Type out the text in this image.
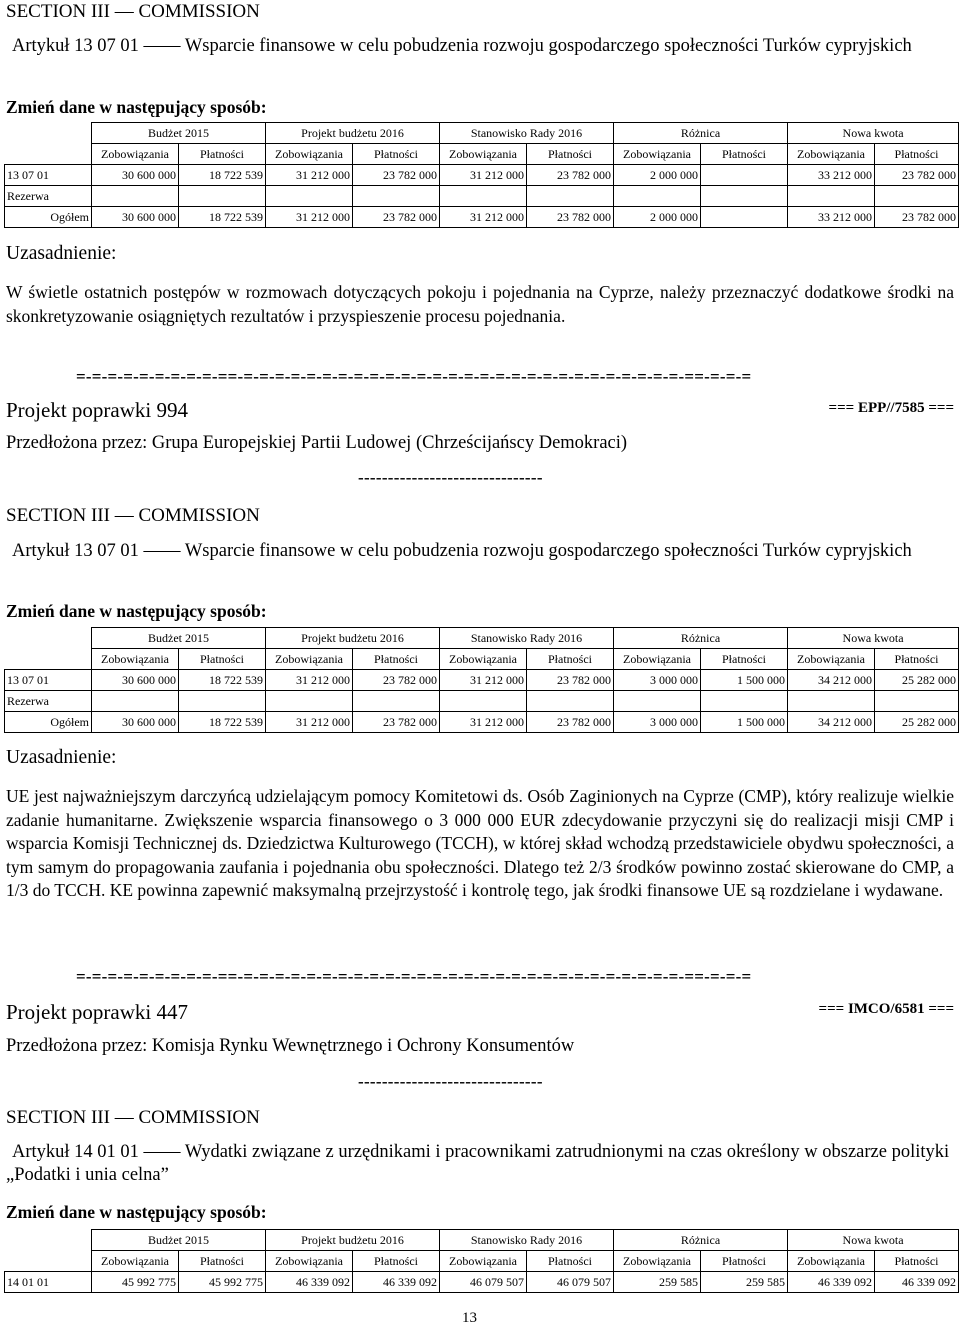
SECTION III — COMMISSION
Artykuł 13 07 01 —— Wsparcie finansowe w celu pobudzenia rozwoju gospodarczego społeczności Turków cypryjskich
Zmień dane w następujący sposób:
	Budżet 2015		Projekt budżetu 2016		Stanowisko Rady 2016		Różnica		Nowa kwota	
	Zobowiązania	Płatności	Zobowiązania	Płatności	Zobowiązania	Płatności	Zobowiązania	Płatności	Zobowiązania	Płatności
13 07 01	30 600 000	18 722 539	31 212 000	23 782 000	31 212 000	23 782 000	2 000 000		33 212 000	23 782 000
Rezerwa										
Ogółem	30 600 000	18 722 539	31 212 000	23 782 000	31 212 000	23 782 000	2 000 000		33 212 000	23 782 000
Uzasadnienie:
W świetle ostatnich postępów w rozmowach dotyczących pokoju i pojednania na Cyprze, należy przeznaczyć dodatkowe środki na skonkretyzowanie osiągniętych rezultatów i przyspieszenie procesu pojednania.
=-=-=-=-=-=-=-=-=-==-=-=-=-=-=-=-=-=-=-=-=-=-=-=-=-=-=-=-=-=-=-=-=-=-=-=-=-=-==-=-=-=
Projekt poprawki 994	=== EPP//7585 ===
Przedłożona przez: Grupa Europejskiej Partii Ludowej (Chrześcijańscy Demokraci)
-------------------------------
SECTION III — COMMISSION
Artykuł 13 07 01 —— Wsparcie finansowe w celu pobudzenia rozwoju gospodarczego społeczności Turków cypryjskich
Zmień dane w następujący sposób:
	Budżet 2015		Projekt budżetu 2016		Stanowisko Rady 2016		Różnica		Nowa kwota	
	Zobowiązania	Płatności	Zobowiązania	Płatności	Zobowiązania	Płatności	Zobowiązania	Płatności	Zobowiązania	Płatności
13 07 01	30 600 000	18 722 539	31 212 000	23 782 000	31 212 000	23 782 000	3 000 000	1 500 000	34 212 000	25 282 000
Rezerwa										
Ogółem	30 600 000	18 722 539	31 212 000	23 782 000	31 212 000	23 782 000	3 000 000	1 500 000	34 212 000	25 282 000
Uzasadnienie:
UE jest najważniejszym darczyńcą udzielającym pomocy Komitetowi ds. Osób Zaginionych na Cyprze (CMP), który realizuje wielkie zadanie humanitarne. Zwiększenie wsparcia finansowego o 3 000 000 EUR zdecydowanie przyczyni się do realizacji misji CMP i wsparcia Komisji Technicznej ds. Dziedzictwa Kulturowego (TCCH), w której skład wchodzą przedstawiciele obydwu społeczności, a tym samym do propagowania zaufania i pojednania obu społeczności. Dlatego też 2/3 środków powinno zostać skierowane do CMP, a 1/3 do TCCH. KE powinna zapewnić maksymalną przejrzystość i kontrolę tego, jak środki finansowe UE są rozdzielane i wydawane.
=-=-=-=-=-=-=-=-=-==-=-=-=-=-=-=-=-=-=-=-=-=-=-=-=-=-=-=-=-=-=-=-=-=-=-=-=-=-==-=-=-=
Projekt poprawki 447	=== IMCO/6581 ===
Przedłożona przez: Komisja Rynku Wewnętrznego i Ochrony Konsumentów
-------------------------------
SECTION III — COMMISSION
Artykuł 14 01 01 —— Wydatki związane z urzędnikami i pracownikami zatrudnionymi na czas określony w obszarze polityki „Podatki i unia celna”
Zmień dane w następujący sposób:
	Budżet 2015		Projekt budżetu 2016		Stanowisko Rady 2016		Różnica		Nowa kwota	
	Zobowiązania	Płatności	Zobowiązania	Płatności	Zobowiązania	Płatności	Zobowiązania	Płatności	Zobowiązania	Płatności
14 01 01	45 992 775	45 992 775	46 339 092	46 339 092	46 079 507	46 079 507	259 585	259 585	46 339 092	46 339 092
13
